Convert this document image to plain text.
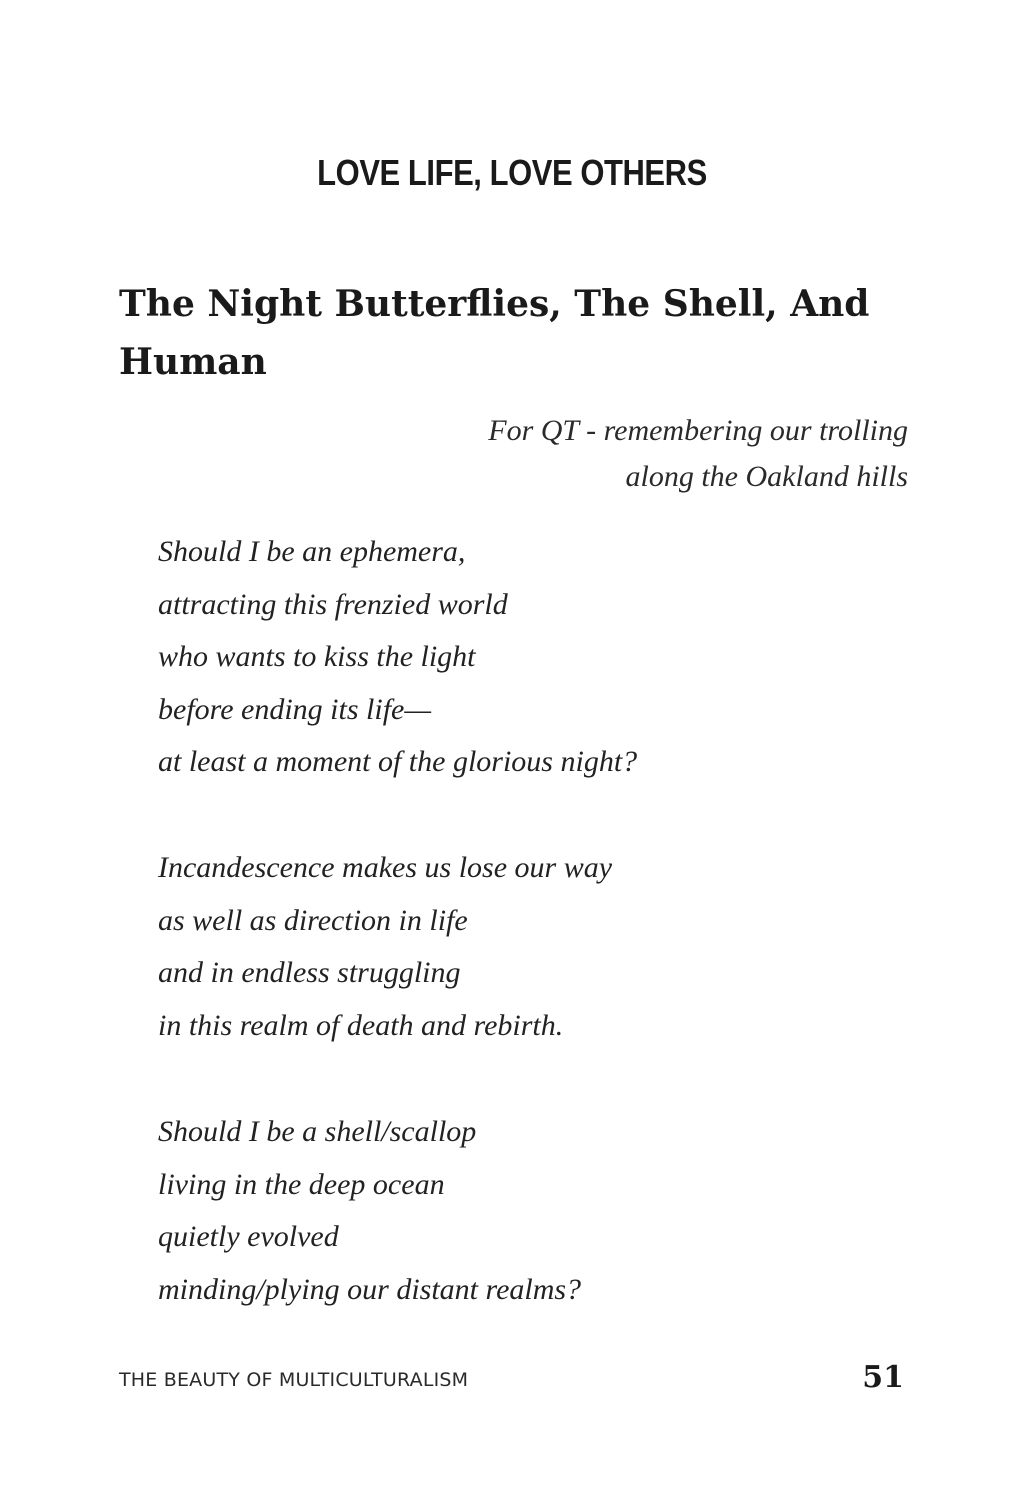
LOVE LIFE, LOVE OTHERS
The Night Butterflies, The Shell, And Human
For QT - remembering our trolling
along the Oakland hills
Should I be an ephemera,
attracting this frenzied world
who wants to kiss the light
before ending its life—
at least a moment of the glorious night?
Incandescence makes us lose our way
as well as direction in life
and in endless struggling
in this realm of death and rebirth.
Should I be a shell/scallop
living in the deep ocean
quietly evolved
minding/plying our distant realms?
THE BEAUTY OF MULTICULTURALISM	51
